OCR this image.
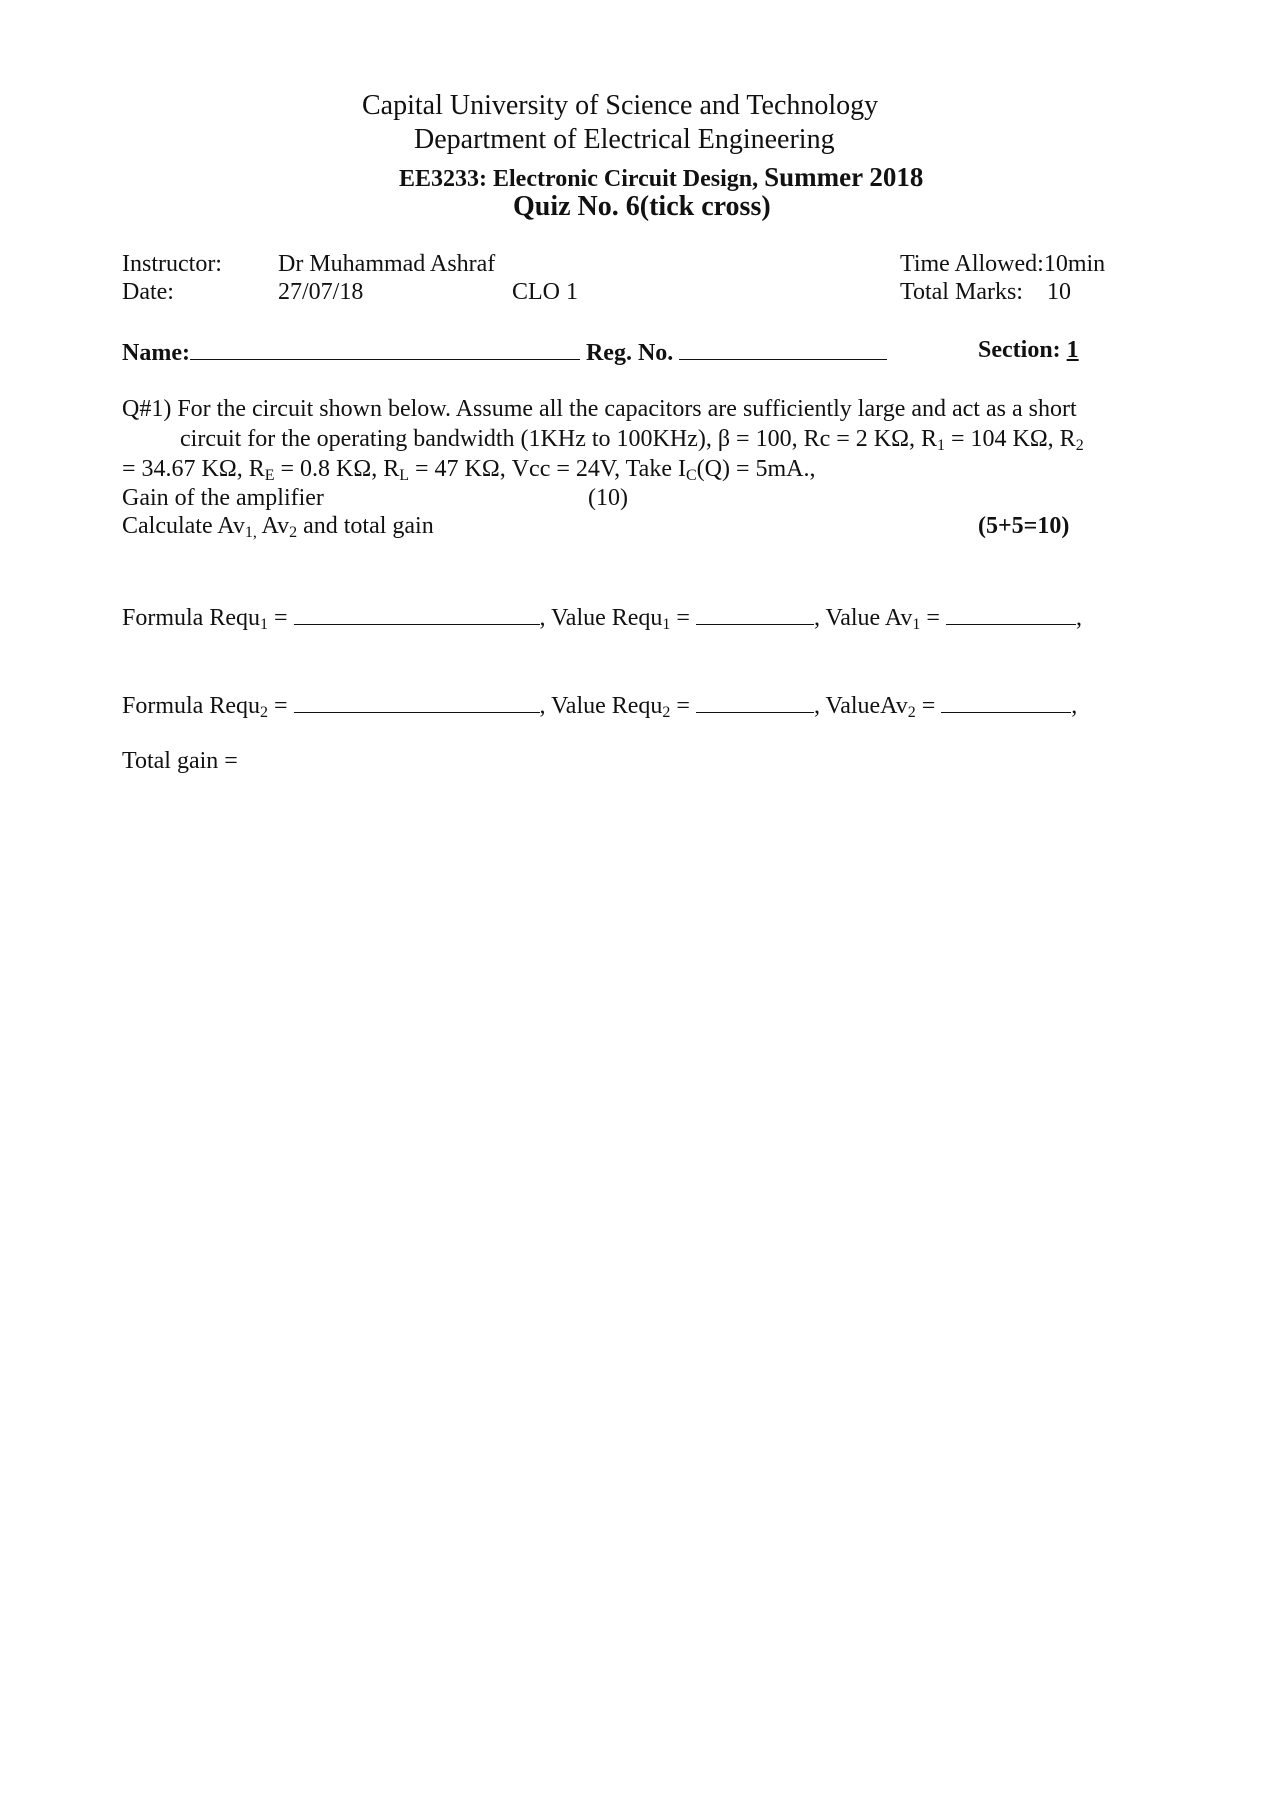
Capital University of Science and Technology
Department of Electrical Engineering
EE3233: Electronic Circuit Design, Summer 2018
Quiz No. 6(tick cross)
Instructor: Dr Muhammad Ashraf	Time Allowed:10min
Date:	27/07/18	CLO 1	Total Marks: 10
Name:	Reg. No.	Section: 1
Q#1) For the circuit shown below. Assume all the capacitors are sufficiently large and act as a short
circuit for the operating bandwidth (1KHz to 100KHz), β = 100, Rc = 2 KΩ, $R_1 = 104$ KΩ, $R_2$
= 34.67 KΩ, $R_E = 0.8$ KΩ, $R_L = 47$ KΩ, Vcc = 24V, Take $I_C(Q) = 5mA$.,
Gain of the amplifier	(10)
Calculate $Av_{1,}$ $Av_2$ and total gain	(5+5=10)
Formula Requ$_1$ =	, Value Requ$_1$ =	, Value $Av_1$ =	,
Formula Requ$_2$ =	, Value Requ$_2$ =	, ValueAv$_2$ =	,
Total gain =
